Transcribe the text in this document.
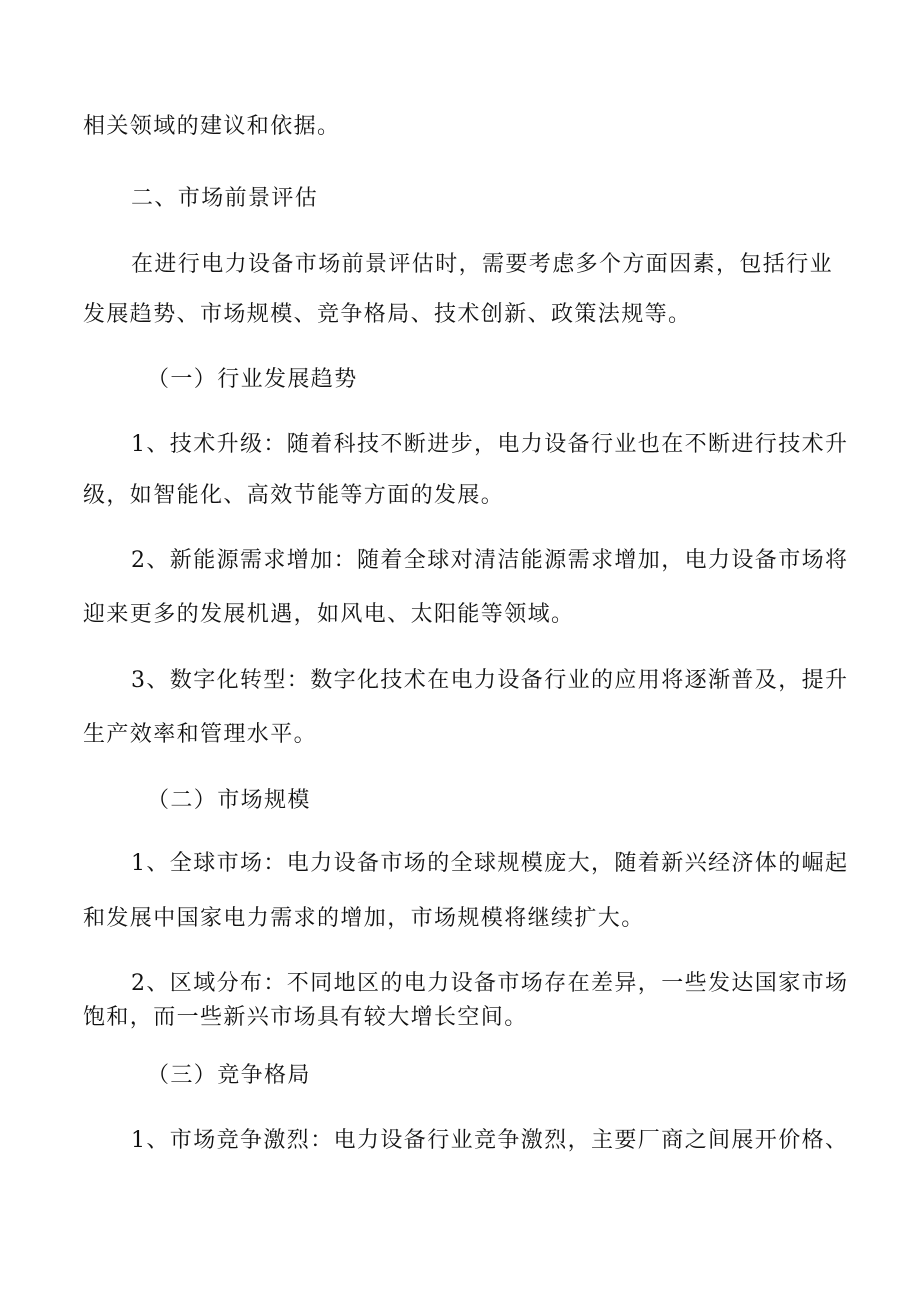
相关领域的建议和依据。
二、市场前景评估
在进行电力设备市场前景评估时，需要考虑多个方面因素，包括行业
发展趋势、市场规模、竞争格局、技术创新、政策法规等。
（一）行业发展趋势
1、技术升级：随着科技不断进步，电力设备行业也在不断进行技术升
级，如智能化、高效节能等方面的发展。
2、新能源需求增加：随着全球对清洁能源需求增加，电力设备市场将
迎来更多的发展机遇，如风电、太阳能等领域。
3、数字化转型：数字化技术在电力设备行业的应用将逐渐普及，提升
生产效率和管理水平。
（二）市场规模
1、全球市场：电力设备市场的全球规模庞大，随着新兴经济体的崛起
和发展中国家电力需求的增加，市场规模将继续扩大。
2、区域分布：不同地区的电力设备市场存在差异，一些发达国家市场
饱和，而一些新兴市场具有较大增长空间。
（三）竞争格局
1、市场竞争激烈：电力设备行业竞争激烈，主要厂商之间展开价格、
